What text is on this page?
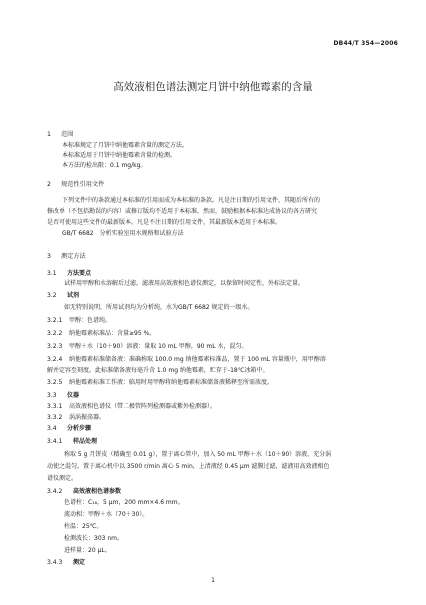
DB44/T 354—2006
高效液相色谱法测定月饼中纳他霉素的含量
1 范围
本标准规定了月饼中纳他霉素含量的测定方法。
本标准适用于月饼中纳他霉素含量的检测。
本方法的检出限：0.1 mg/kg。
2 规范性引用文件
下列文件中的条款通过本标准的引用而成为本标准的条款。凡是注日期的引用文件，其随后所有的
修改单（不包括勘误的内容）或修订版均不适用于本标准，然而，鼓励根据本标准达成协议的各方研究
是否可使用这些文件的最新版本。凡是不注日期的引用文件，其最新版本适用于本标准。
GB/T 6682　分析实验室用水规格和试验方法
3 测定方法
3.1 方法要点
试样用甲醇和水溶解后过滤，滤液用高效液相色谱仪测定，以保留时间定性，外标法定量。
3.2 试剂
如无特别说明，所用试剂均为分析纯，水为GB/T 6682 规定的一级水。
3.2.1 甲醇：色谱纯。
3.2.2 纳他霉素标准品：含量≥95 %。
3.2.3 甲醇＋水（10＋90）溶液：量取 10 mL 甲醇，90 mL 水，混匀。
3.2.4 纳他霉素标准储备液：准确称取 100.0 mg 纳他霉素标准品，置于 100 mL 容量瓶中，用甲醇溶
解并定容至刻度。此标准储备液每毫升含 1.0 mg 纳他霉素，贮存于-18℃冰箱中。
3.2.5 纳他霉素标准工作液：临用时用甲醇将纳他霉素标准储备液稀释至所需浓度。
3.3 仪器
3.3.1 高效液相色谱仪（带二极管阵列检测器或紫外检测器）。
3.3.2 涡涡振荡器。
3.4 分析步骤
3.4.1 样品处理
称取 5 g 月饼皮（精确至 0.01 g），置于离心管中，加入 50 mL 甲醇＋水（10＋90）溶液，充分涡
动使之混匀。置于离心机中以 3500 r/min 离心 5 min，上清液经 0.45 μm 滤膜过滤，滤液用高效液相色
谱仪测定。
3.4.2 高效液相色谱参数
色谱柱：C₁₈，5 μm，200 mm×4.6 mm。
流动相：甲醇＋水（70＋30）。
柱温：25℃。
检测波长：303 nm。
进样量：20 μL。
3.4.3 测定
1
